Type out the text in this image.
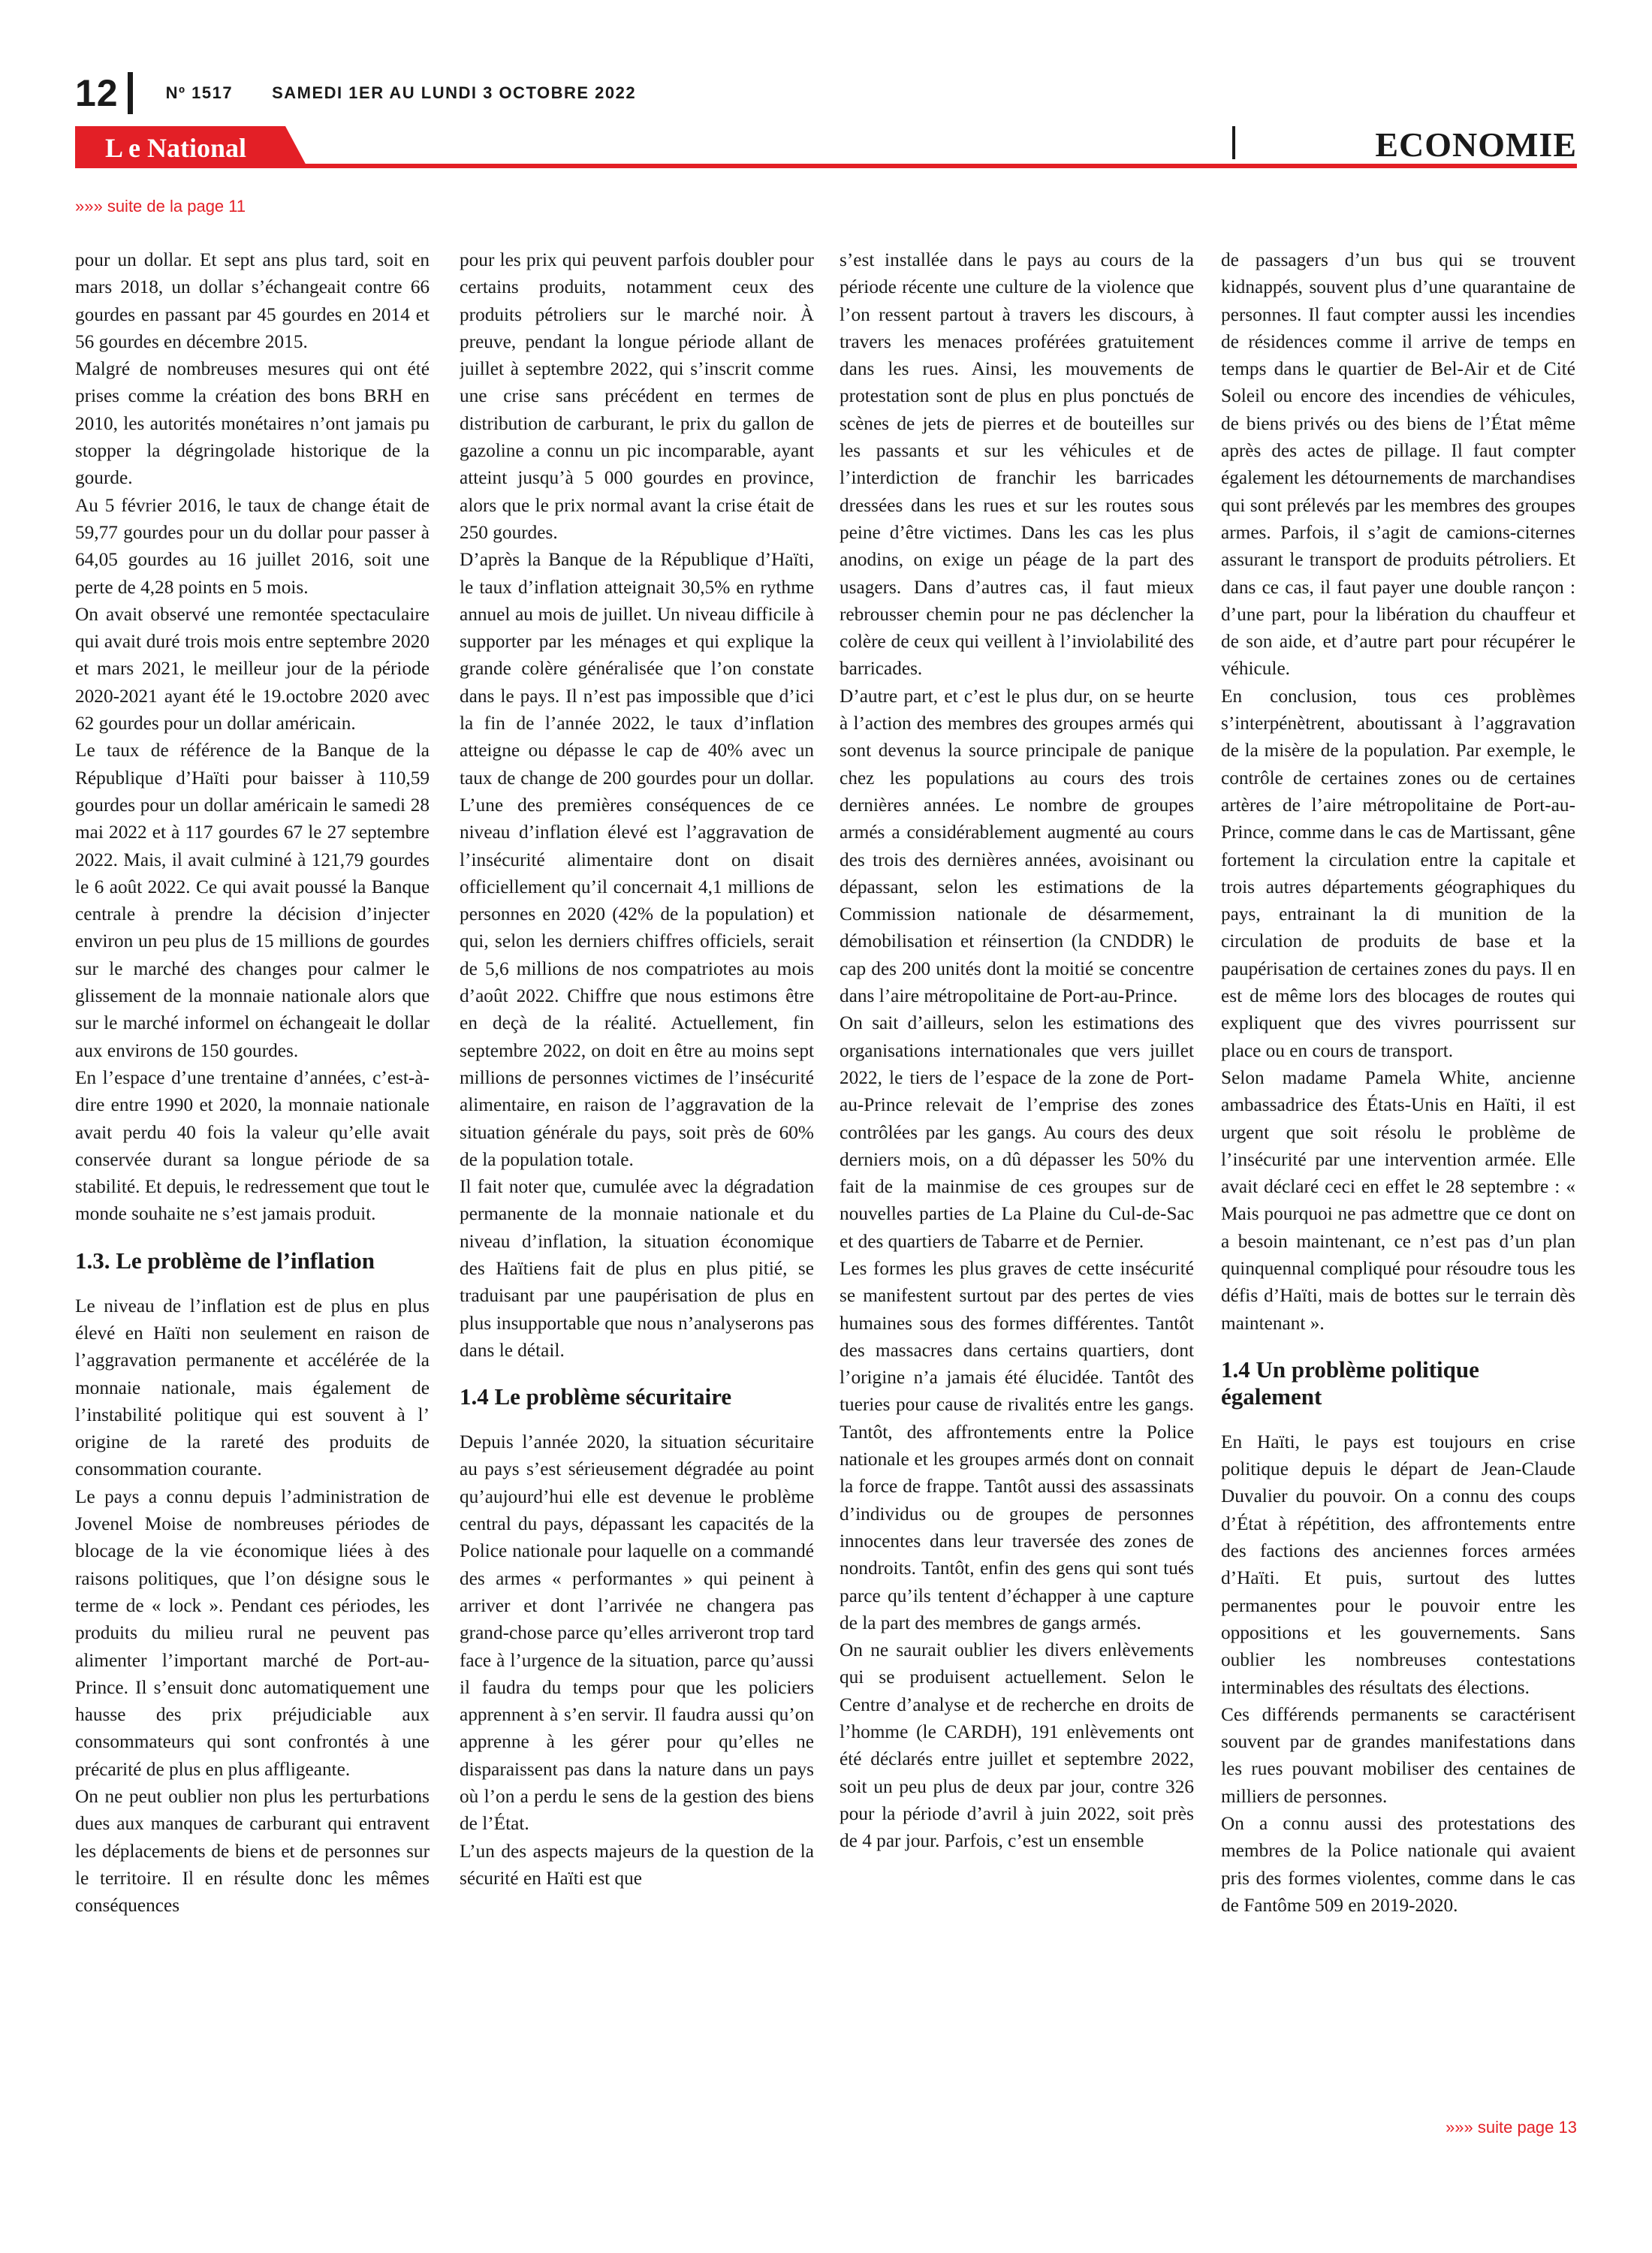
12	Nº 1517 SAMEDI 1ER AU LUNDI 3 OCTOBRE 2022
L e National	ECONOMIE
»»» suite de la page 11

pour un dollar. Et sept ans plus tard, soit en mars 2018, un dollar s’échangeait contre 66 gourdes en passant par 45 gourdes en 2014 et 56 gourdes en décembre 2015.

Malgré de nombreuses mesures qui ont été prises comme la création des bons BRH en 2010, les autorités monétaires n’ont jamais pu stopper la dégringolade historique de la gourde.

Au 5 février 2016, le taux de change était de 59,77 gourdes pour un du dollar pour passer à 64,05 gourdes au 16 juillet 2016, soit une perte de 4,28 points en 5 mois.

On avait observé une remontée spectaculaire qui avait duré trois mois entre septembre 2020 et mars 2021, le meilleur jour de la période 2020-2021 ayant été le 19.octobre 2020 avec 62 gourdes pour un dollar américain.

Le taux de référence de la Banque de la République d’Haïti pour baisser à 110,59 gourdes pour un dollar américain le samedi 28 mai 2022 et à 117 gourdes 67 le 27 septembre 2022. Mais, il avait culminé à 121,79 gourdes le 6 août 2022. Ce qui avait poussé la Banque centrale à prendre la décision d’injecter environ un peu plus de 15 millions de gourdes sur le marché des changes pour calmer le glissement de la monnaie nationale alors que sur le marché informel on échangeait le dollar aux environs de 150 gourdes.

En l’espace d’une trentaine d’années, c’est-à-dire entre 1990 et 2020, la monnaie nationale avait perdu 40 fois la valeur qu’elle avait conservée durant sa longue période de sa stabilité. Et depuis, le redressement que tout le monde souhaite ne s’est jamais produit.

1.3. Le problème de l’inflation

Le niveau de l’inflation est de plus en plus élevé en Haïti non seulement en raison de l’aggravation permanente et accélérée de la monnaie nationale, mais également de l’instabilité politique qui est souvent à l’ origine de la rareté des produits de consommation courante.

Le pays a connu depuis l’administration de Jovenel Moise de nombreuses périodes de blocage de la vie économique liées à des raisons politiques, que l’on désigne sous le terme de « lock ». Pendant ces périodes, les produits du milieu rural ne peuvent pas alimenter l’important marché de Port-au-Prince. Il s’ensuit donc automatiquement une hausse des prix préjudiciable aux consommateurs qui sont confrontés à une précarité de plus en plus affligeante.

On ne peut oublier non plus les perturbations dues aux manques de carburant qui entravent les déplacements de biens et de personnes sur le territoire. Il en résulte donc les mêmes conséquences

pour les prix qui peuvent parfois doubler pour certains produits, notamment ceux des produits pétroliers sur le marché noir. À preuve, pendant la longue période allant de juillet à septembre 2022, qui s’inscrit comme une crise sans précédent en termes de distribution de carburant, le prix du gallon de gazoline a connu un pic incomparable, ayant atteint jusqu’à 5 000 gourdes en province, alors que le prix normal avant la crise était de 250 gourdes.

D’après la Banque de la République d’Haïti, le taux d’inflation atteignait 30,5% en rythme annuel au mois de juillet. Un niveau difficile à supporter par les ménages et qui explique la grande colère généralisée que l’on constate dans le pays. Il n’est pas impossible que d’ici la fin de l’année 2022, le taux d’inflation atteigne ou dépasse le cap de 40% avec un taux de change de 200 gourdes pour un dollar. L’une des premières conséquences de ce niveau d’inflation élevé est l’aggravation de l’insécurité alimentaire dont on disait officiellement qu’il concernait 4,1 millions de personnes en 2020 (42% de la population) et qui, selon les derniers chiffres officiels, serait de 5,6 millions de nos compatriotes au mois d’août 2022. Chiffre que nous estimons être en deçà de la réalité. Actuellement, fin septembre 2022, on doit en être au moins sept millions de personnes victimes de l’insécurité alimentaire, en raison de l’aggravation de la situation générale du pays, soit près de 60% de la population totale.

Il fait noter que, cumulée avec la dégradation permanente de la monnaie nationale et du niveau d’inflation, la situation économique des Haïtiens fait de plus en plus pitié, se traduisant par une paupérisation de plus en plus insupportable que nous n’analyserons pas dans le détail.

1.4 Le problème sécuritaire

Depuis l’année 2020, la situation sécuritaire au pays s’est sérieusement dégradée au point qu’aujourd’hui elle est devenue le problème central du pays, dépassant les capacités de la Police nationale pour laquelle on a commandé des armes « performantes » qui peinent à arriver et dont l’arrivée ne changera pas grand-chose parce qu’elles arriveront trop tard face à l’urgence de la situation, parce qu’aussi il faudra du temps pour que les policiers apprennent à s’en servir. Il faudra aussi qu’on apprenne à les gérer pour qu’elles ne disparaissent pas dans la nature dans un pays où l’on a perdu le sens de la gestion des biens de l’État.

L’un des aspects majeurs de la question de la sécurité en Haïti est que

s’est installée dans le pays au cours de la période récente une culture de la violence que l’on ressent partout à travers les discours, à travers les menaces proférées gratuitement dans les rues. Ainsi, les mouvements de protestation sont de plus en plus ponctués de scènes de jets de pierres et de bouteilles sur les passants et sur les véhicules et de l’interdiction de franchir les barricades dressées dans les rues et sur les routes sous peine d’être victimes. Dans les cas les plus anodins, on exige un péage de la part des usagers. Dans d’autres cas, il faut mieux rebrousser chemin pour ne pas déclencher la colère de ceux qui veillent à l’inviolabilité des barricades.

D’autre part, et c’est le plus dur, on se heurte à l’action des membres des groupes armés qui sont devenus la source principale de panique chez les populations au cours des trois dernières années. Le nombre de groupes armés a considérablement augmenté au cours des trois des dernières années, avoisinant ou dépassant, selon les estimations de la Commission nationale de désarmement, démobilisation et réinsertion (la CNDDR) le cap des 200 unités dont la moitié se concentre dans l’aire métropolitaine de Port-au-Prince.

On sait d’ailleurs, selon les estimations des organisations internationales que vers juillet 2022, le tiers de l’espace de la zone de Port-au-Prince relevait de l’emprise des zones contrôlées par les gangs. Au cours des deux derniers mois, on a dû dépasser les 50% du fait de la mainmise de ces groupes sur de nouvelles parties de La Plaine du Cul-de-Sac et des quartiers de Tabarre et de Pernier.

Les formes les plus graves de cette insécurité se manifestent surtout par des pertes de vies humaines sous des formes différentes. Tantôt des massacres dans certains quartiers, dont l’origine n’a jamais été élucidée. Tantôt des tueries pour cause de rivalités entre les gangs. Tantôt, des affrontements entre la Police nationale et les groupes armés dont on connait la force de frappe. Tantôt aussi des assassinats d’individus ou de groupes de personnes innocentes dans leur traversée des zones de nondroits. Tantôt, enfin des gens qui sont tués parce qu’ils tentent d’échapper à une capture de la part des membres de gangs armés.

On ne saurait oublier les divers enlèvements qui se produisent actuellement. Selon le Centre d’analyse et de recherche en droits de l’homme (le CARDH), 191 enlèvements ont été déclarés entre juillet et septembre 2022, soit un peu plus de deux par jour, contre 326 pour la période d’avril à juin 2022, soit près de 4 par jour. Parfois, c’est un ensemble

de passagers d’un bus qui se trouvent kidnappés, souvent plus d’une quarantaine de personnes. Il faut compter aussi les incendies de résidences comme il arrive de temps en temps dans le quartier de Bel-Air et de Cité Soleil ou encore des incendies de véhicules, de biens privés ou des biens de l’État même après des actes de pillage. Il faut compter également les détournements de marchandises qui sont prélevés par les membres des groupes armes. Parfois, il s’agit de camions-citernes assurant le transport de produits pétroliers. Et dans ce cas, il faut payer une double rançon : d’une part, pour la libération du chauffeur et de son aide, et d’autre part pour récupérer le véhicule.

En conclusion, tous ces problèmes s’interpénètrent, aboutissant à l’aggravation de la misère de la population. Par exemple, le contrôle de certaines zones ou de certaines artères de l’aire métropolitaine de Port-au-Prince, comme dans le cas de Martissant, gêne fortement la circulation entre la capitale et trois autres départements géographiques du pays, entrainant la di munition de la circulation de produits de base et la paupérisation de certaines zones du pays. Il en est de même lors des blocages de routes qui expliquent que des vivres pourrissent sur place ou en cours de transport.

Selon madame Pamela White, ancienne ambassadrice des États-Unis en Haïti, il est urgent que soit résolu le problème de l’insécurité par une intervention armée. Elle avait déclaré ceci en effet le 28 septembre : « Mais pourquoi ne pas admettre que ce dont on a besoin maintenant, ce n’est pas d’un plan quinquennal compliqué pour résoudre tous les défis d’Haïti, mais de bottes sur le terrain dès maintenant ».

1.4 Un problème politique également

En Haïti, le pays est toujours en crise politique depuis le départ de Jean-Claude Duvalier du pouvoir. On a connu des coups d’État à répétition, des affrontements entre des factions des anciennes forces armées d’Haïti. Et puis, surtout des luttes permanentes pour le pouvoir entre les oppositions et les gouvernements. Sans oublier les nombreuses contestations interminables des résultats des élections.

Ces différends permanents se caractérisent souvent par de grandes manifestations dans les rues pouvant mobiliser des centaines de milliers de personnes.

On a connu aussi des protestations des membres de la Police nationale qui avaient pris des formes violentes, comme dans le cas de Fantôme 509 en 2019-2020.

»»» suite page 13
